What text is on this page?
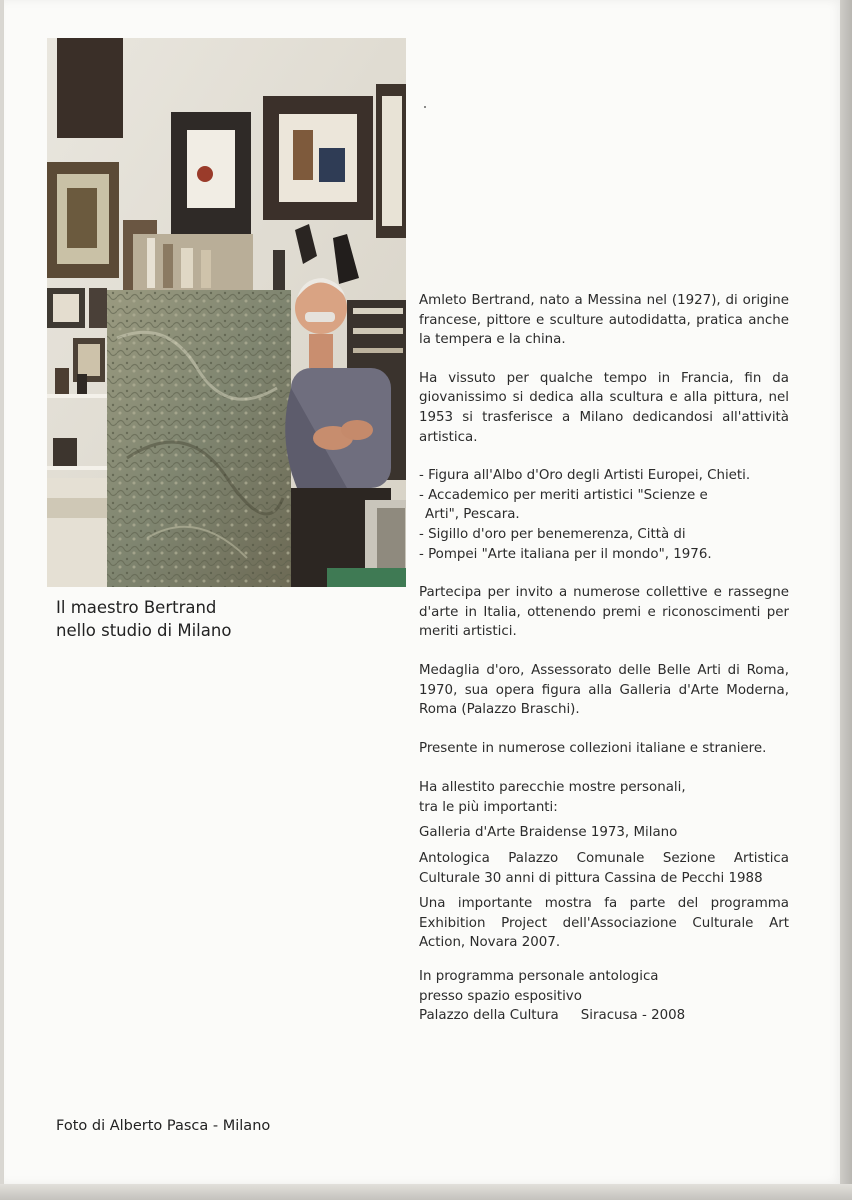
Il maestro Bertrand
nello studio di Milano

Amleto Bertrand, nato a Messina nel (1927), di origine francese, pittore e sculture autodidatta, pratica anche la tempera e la china.

Ha vissuto per qualche tempo in Francia, fin da giovanissimo si dedica alla scultura e alla pittura, nel 1953 si trasferisce a Milano dedicandosi all'attività artistica.

- Figura all'Albo d'Oro degli Artisti Europei, Chieti.
- Accademico per meriti artistici "Scienze e
Arti", Pescara.
- Sigillo d'oro per benemerenza, Città di
- Pompei "Arte italiana per il mondo", 1976.

Partecipa per invito a numerose collettive e rassegne d'arte in Italia, ottenendo premi e riconoscimenti per meriti artistici.

Medaglia d'oro, Assessorato delle Belle Arti di Roma, 1970, sua opera figura alla Galleria d'Arte Moderna, Roma (Palazzo Braschi).

Presente in numerose collezioni italiane e straniere.

Ha allestito parecchie mostre personali,
tra le più importanti:
Galleria d'Arte Braidense 1973, Milano

Antologica Palazzo Comunale Sezione Artistica Culturale 30 anni di pittura Cassina de Pecchi 1988

Una importante mostra fa parte del programma Exhibition Project dell'Associazione Culturale Art Action, Novara 2007.

In programma personale antologica
presso spazio espositivo
Palazzo della Cultura Siracusa - 2008
Foto di Alberto Pasca - Milano
